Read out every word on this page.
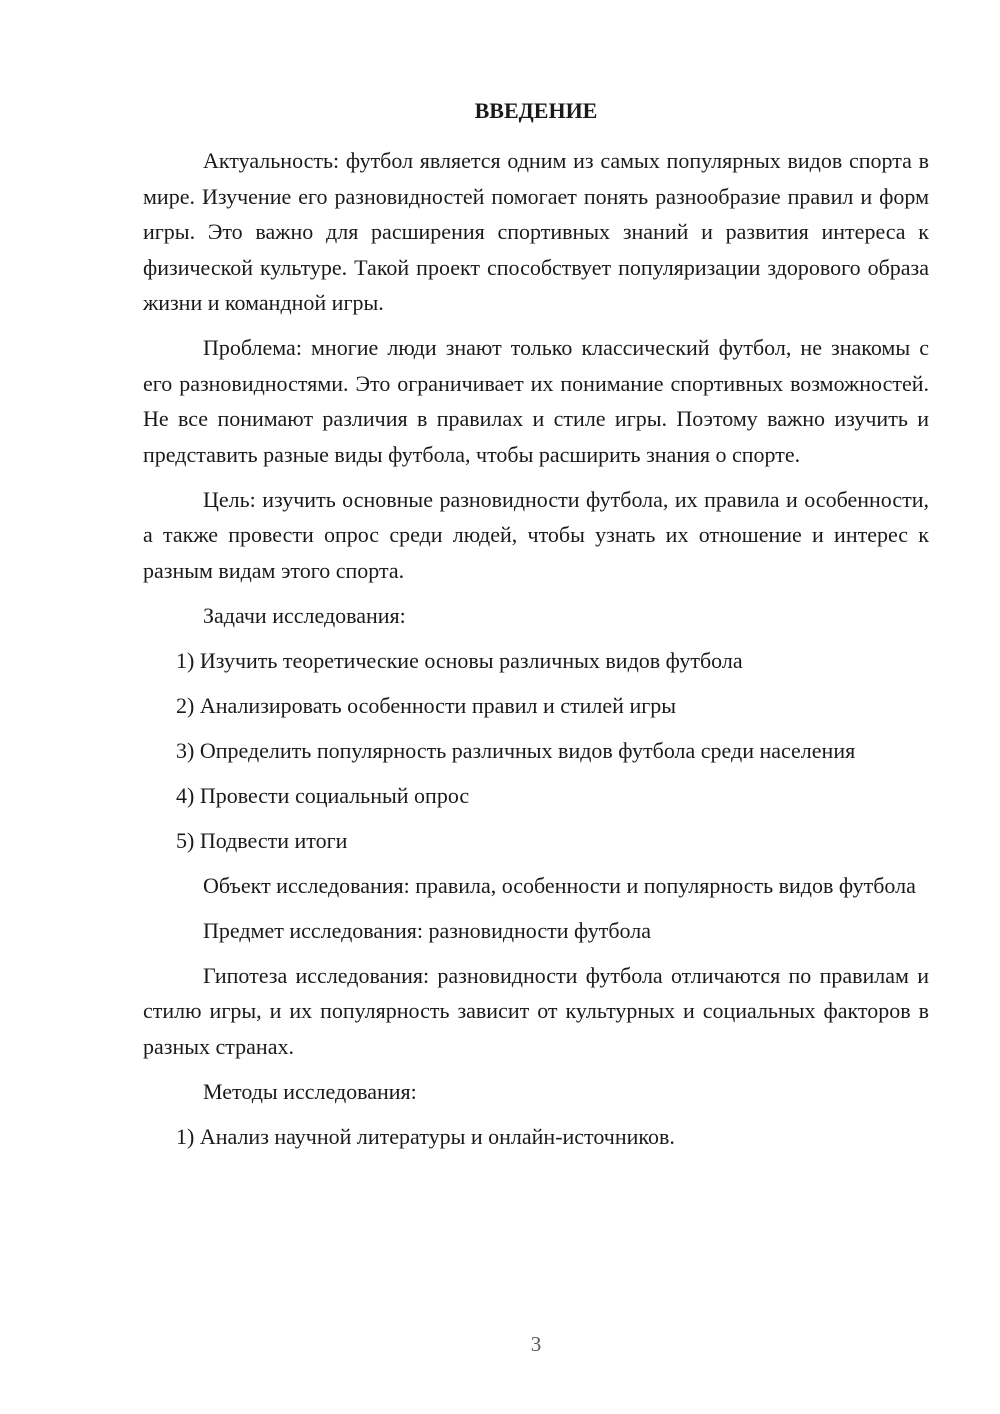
ВВЕДЕНИЕ

Актуальность: футбол является одним из самых популярных видов спорта в мире. Изучение его разновидностей помогает понять разнообразие правил и форм игры. Это важно для расширения спортивных знаний и развития интереса к физической культуре. Такой проект способствует популяризации здорового образа жизни и командной игры.

Проблема: многие люди знают только классический футбол, не знакомы с его разновидностями. Это ограничивает их понимание спортивных возможностей. Не все понимают различия в правилах и стиле игры. Поэтому важно изучить и представить разные виды футбола, чтобы расширить знания о спорте.

Цель: изучить основные разновидности футбола, их правила и особенности, а также провести опрос среди людей, чтобы узнать их отношение и интерес к разным видам этого спорта.

Задачи исследования:

1) Изучить теоретические основы различных видов футбола

2) Анализировать особенности правил и стилей игры

3) Определить популярность различных видов футбола среди населения

4) Провести социальный опрос

5) Подвести итоги

Объект исследования: правила, особенности и популярность видов футбола

Предмет исследования: разновидности футбола

Гипотеза исследования: разновидности футбола отличаются по правилам и стилю игры, и их популярность зависит от культурных и социальных факторов в разных странах.

Методы исследования:

1) Анализ научной литературы и онлайн-источников.

3
